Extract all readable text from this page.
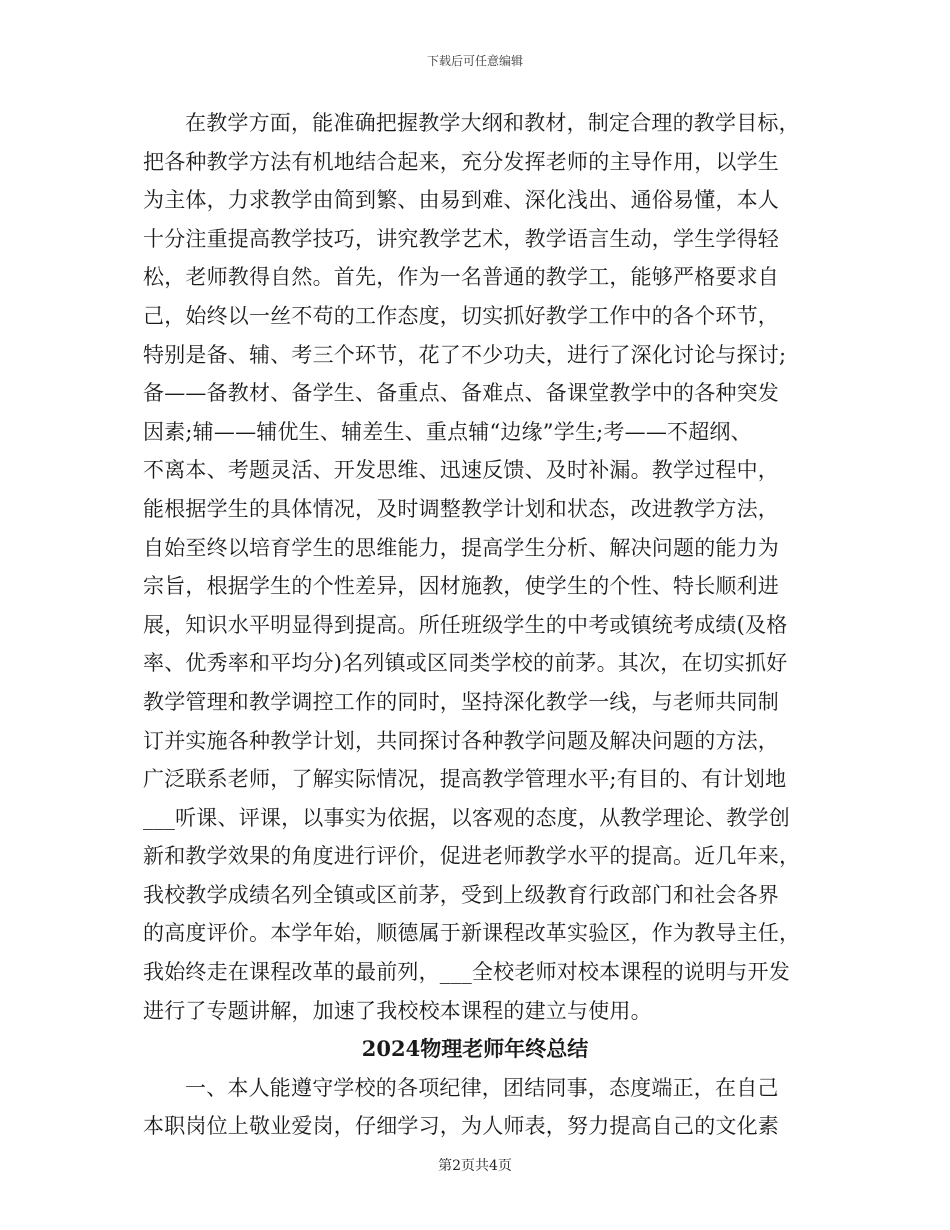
下载后可任意编辑
在教学方面，能准确把握教学大纲和教材，制定合理的教学目标，
把各种教学方法有机地结合起来，充分发挥老师的主导作用，以学生
为主体，力求教学由简到繁、由易到难、深化浅出、通俗易懂，本人
十分注重提高教学技巧，讲究教学艺术，教学语言生动，学生学得轻
松，老师教得自然。首先，作为一名普通的教学工，能够严格要求自
己，始终以一丝不苟的工作态度，切实抓好教学工作中的各个环节，
特别是备、辅、考三个环节，花了不少功夫，进行了深化讨论与探讨;
备——备教材、备学生、备重点、备难点、备课堂教学中的各种突发
因素;辅——辅优生、辅差生、重点辅“边缘”学生;考——不超纲、
不离本、考题灵活、开发思维、迅速反馈、及时补漏。教学过程中，
能根据学生的具体情况，及时调整教学计划和状态，改进教学方法，
自始至终以培育学生的思维能力，提高学生分析、解决问题的能力为
宗旨，根据学生的个性差异，因材施教，使学生的个性、特长顺利进
展，知识水平明显得到提高。所任班级学生的中考或镇统考成绩(及格
率、优秀率和平均分)名列镇或区同类学校的前茅。其次，在切实抓好
教学管理和教学调控工作的同时，坚持深化教学一线，与老师共同制
订并实施各种教学计划，共同探讨各种教学问题及解决问题的方法，
广泛联系老师，了解实际情况，提高教学管理水平;有目的、有计划地
___听课、评课，以事实为依据，以客观的态度，从教学理论、教学创
新和教学效果的角度进行评价，促进老师教学水平的提高。近几年来，
我校教学成绩名列全镇或区前茅，受到上级教育行政部门和社会各界
的高度评价。本学年始，顺德属于新课程改革实验区，作为教导主任，
我始终走在课程改革的最前列，___全校老师对校本课程的说明与开发
进行了专题讲解，加速了我校校本课程的建立与使用。
2024物理老师年终总结
一、本人能遵守学校的各项纪律，团结同事，态度端正，在自己
本职岗位上敬业爱岗，仔细学习，为人师表，努力提高自己的文化素
第2页共4页
